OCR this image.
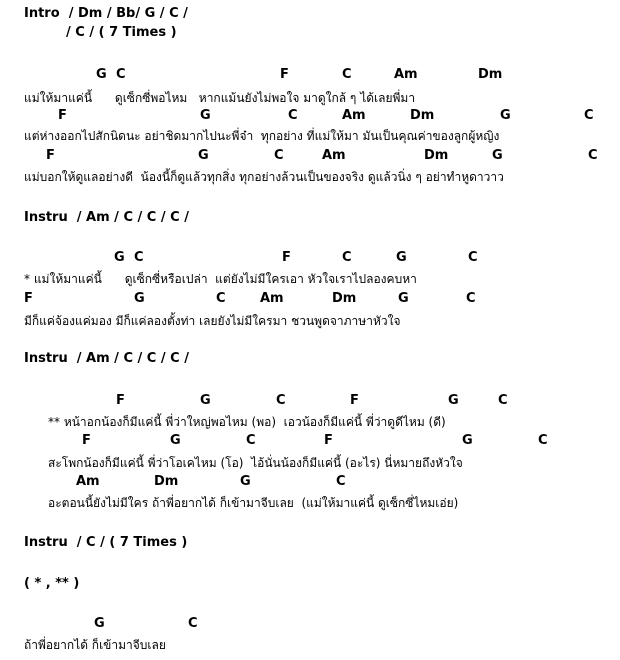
Intro  / Dm / Bb/ G / C /
/ C / ( 7 Times )
G C	F	C	Am	Dm
แม่ให้มาแค่นี้      ดูเซ็กซี่พอไหม   หากแม้นยังไม่พอใจ มาดูใกล้ ๆ ได้เลยพี่มา
F	G	C	Am	Dm	G	C
แต่ห่างออกไปสักนิดนะ อย่าชิดมากไปนะพี่จ๋า  ทุกอย่าง ที่แม่ให้มา มันเป็นคุณค่าของลูกผู้หญิง
F	G	C	Am	Dm	G	C
แม่บอกให้ดูแลอย่างดี  น้องนี้ก็ดูแล้วทุกสิ่ง ทุกอย่างล้วนเป็นของจริง ดูแล้วนิ่ง ๆ อย่าทำหูดาวาว
Instru  / Am / C / C / C /
G C	F	C	G	C
* แม่ให้มาแค่นี้      ดูเซ็กซี่หรือเปล่า  แต่ยังไม่มีใครเอา หัวใจเราไปลองคบหา
F	G	C	Am	Dm	G	C
มีก็แค่จ้องแค่มอง มีก็แค่ลองตั้งท่า เลยยังไม่มีใครมา ชวนพูดจาภาษาหัวใจ
Instru  / Am / C / C / C /
F	G	C	F	G	C
** หน้าอกน้องก็มีแค่นี้ พี่ว่าใหญ่พอไหม (พอ)  เอวน้องก็มีแค่นี้ พี่ว่าดูดีไหม (ดี)
F	G	C	F	G	C
สะโพกน้องก็มีแค่นี้ พี่ว่าโอเคไหม (โอ)  ไอ้นั่นน้องก็มีแค่นี้ (อะไร) นี่หมายถึงหัวใจ
Am	Dm	G	C
อะตอนนี้ยังไม่มีใคร ถ้าพี่อยากได้ ก็เข้ามาจีบเลย  (แม่ให้มาแค่นี้ ดูเซ็กซี่ไหมเอ่ย)
Instru  / C / ( 7 Times )
( * , ** )
G	C
ถ้าพี่อยากได้ ก็เข้ามาจีบเลย
